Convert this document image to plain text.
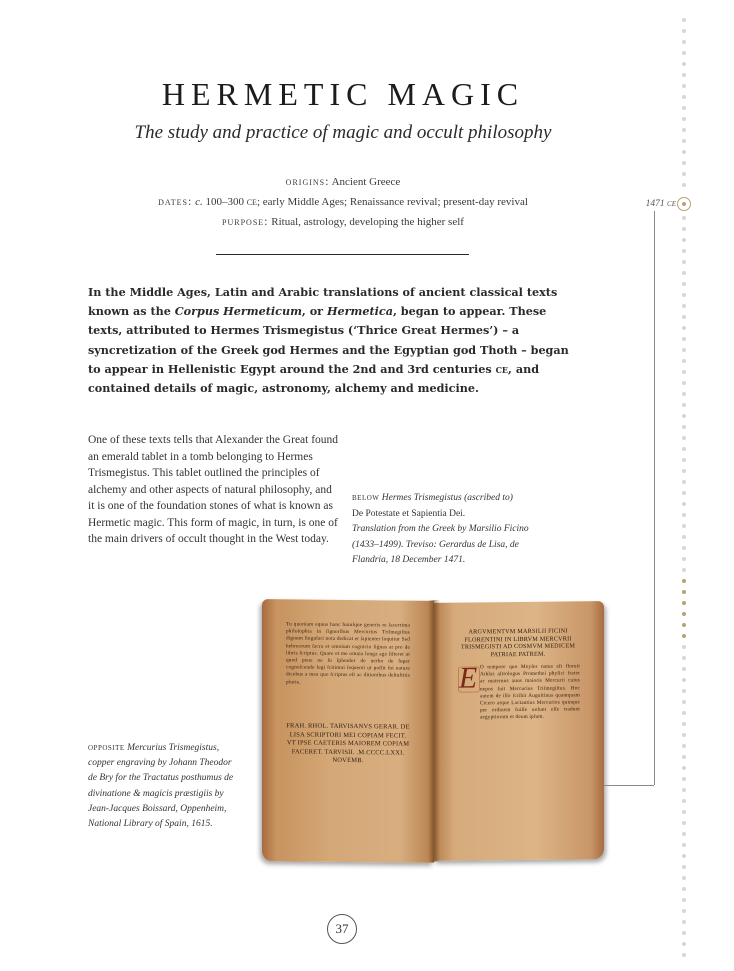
HERMETIC MAGIC
The study and practice of magic and occult philosophy
origins: Ancient Greece
dates: c. 100–300 ce; early Middle Ages; Renaissance revival; present-day revival
purpose: Ritual, astrology, developing the higher self

In the Middle Ages, Latin and Arabic translations of ancient classical texts known as the Corpus Hermeticum, or Hermetica, began to appear. These texts, attributed to Hermes Trismegistus (‘Thrice Great Hermes’) – a syncretization of the Greek god Hermes and the Egyptian god Thoth – began to appear in Hellenistic Egypt around the 2nd and 3rd centuries ce, and contained details of magic, astronomy, alchemy and medicine.

One of these texts tells that Alexander the Great found an emerald tablet in a tomb belonging to Hermes Trismegistus. This tablet outlined the principles of alchemy and other aspects of natural philosophy, and it is one of the foundation stones of what is known as Hermetic magic. This form of magic, in turn, is one of the main drivers of occult thought in the West today.

below Hermes Trismegistus (ascribed to)
De Potestate et Sapientia Dei.
Translation from the Greek by Marsilio Ficino (1433–1499). Treviso: Gerardus de Lisa, de Flandria, 18 December 1471.
Tu quoniam equus hanc huiuſque generis re ſacerrima philoſophia in ſignoribus Mercurius Triſmegiſtus dignum ſingulari nota dedicat et ſapienter loquitur Sed hebreorum ſacra et omnium cognicio ſignas at pro de libris ſcriptus. Quare et me omnia longa age ſiſteret ut quod pene ne ſu ſplendor de uerbo de ſuper cognoſcendo legi ſcitimui ſequenti ut poſſit ſui nature dicebus a mea quo ſcriptus eſt ac ditionibus deſtuſtitis plurie.
FRAH. RHOL. TARVISANVS GERAR. DE LISA SCRIPTORI MEI COPIAM FECIT. VT IPSE CAETERIS MAIOREM COPIAM FACERET. TARVISII. .M.CCCC.LXXI. NOVEMB.
ARGVMENTVM MARSILII FICINI FLORENTINI IN LIBRVM MERCVRII TRISMEGISTI AD COSMVM MEDICEM PATRIAE PATREM.
E O tempore quo Moyſes natus eſt floruit Athlas aſtrologus Promethei phyſici frater ac maternus auus maioris Mercurii cuius nepos fuit Mercurius Triſmegiſtus. Hoc autem de illo ſcribit Auguſtinus quamquam Cicero atque Lactantius Mercurios quinque per ordinem fuiſſe uolunt eſſe tradunt aegyptiorum et deum ipſum.
opposite Mercurius Trismegistus, copper engraving by Johann Theodor de Bry for the Tractatus posthumus de divinatione & magicis præstigiis by Jean-Jacques Boissard, Oppenheim, National Library of Spain, 1615.
1471 ce
37
